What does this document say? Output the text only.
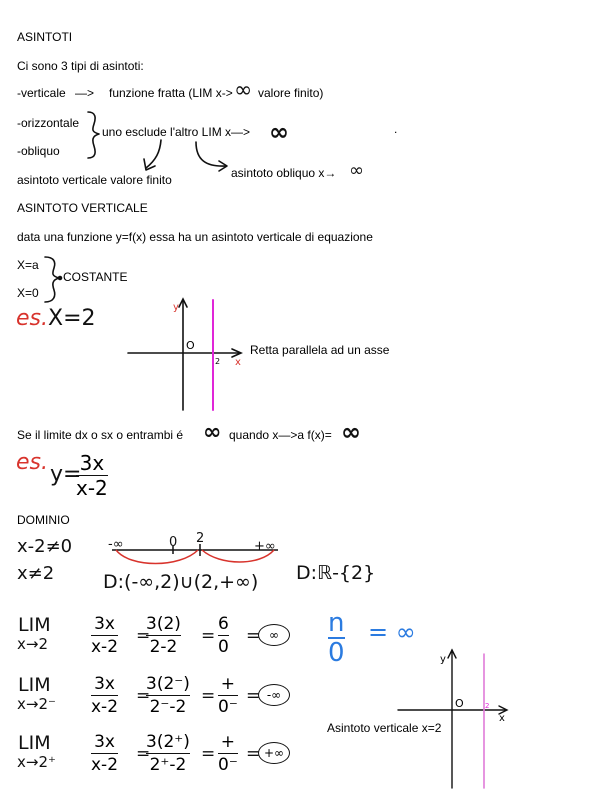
ASINTOTI
Ci sono 3 tipi di asintoti:
-verticale —> funzione fratta (LIM x-> ∞ valore finito)
-orizzontale
-obliquo
uno esclude l'altro LIM x—> ∞	.
asintoto verticale valore finito	asintoto obliquo x→ ∞
ASINTOTO VERTICALE
data una funzione y=f(x) essa ha un asintoto verticale di equazione
X=a
X=0
COSTANTE
es. X=2
Retta parallela ad un asse
Se il limite dx o sx o entrambi é ∞ quando x—>a f(x)= ∞
es. y=
3x
x-2
DOMINIO
x-2≠0
x≠2
-∞	0 2
+∞
D:(-∞,2)∪(2,+∞) D:ℝ-{2}
LIM
x→2
3x
x-2
=
3(2)
2-2
=
6
0
= ∞
LIM
x→2⁻
3x
x-2
=
3(2⁻)
2⁻-2
=
+
0⁻
= -∞
LIM
x→2⁺
3x
x-2
=
3(2⁺)
2⁺-2
=
+
0⁻
= +∞
n
0
= ∞
Asintoto verticale x=2
O
2 x
y
O	2
x
y
